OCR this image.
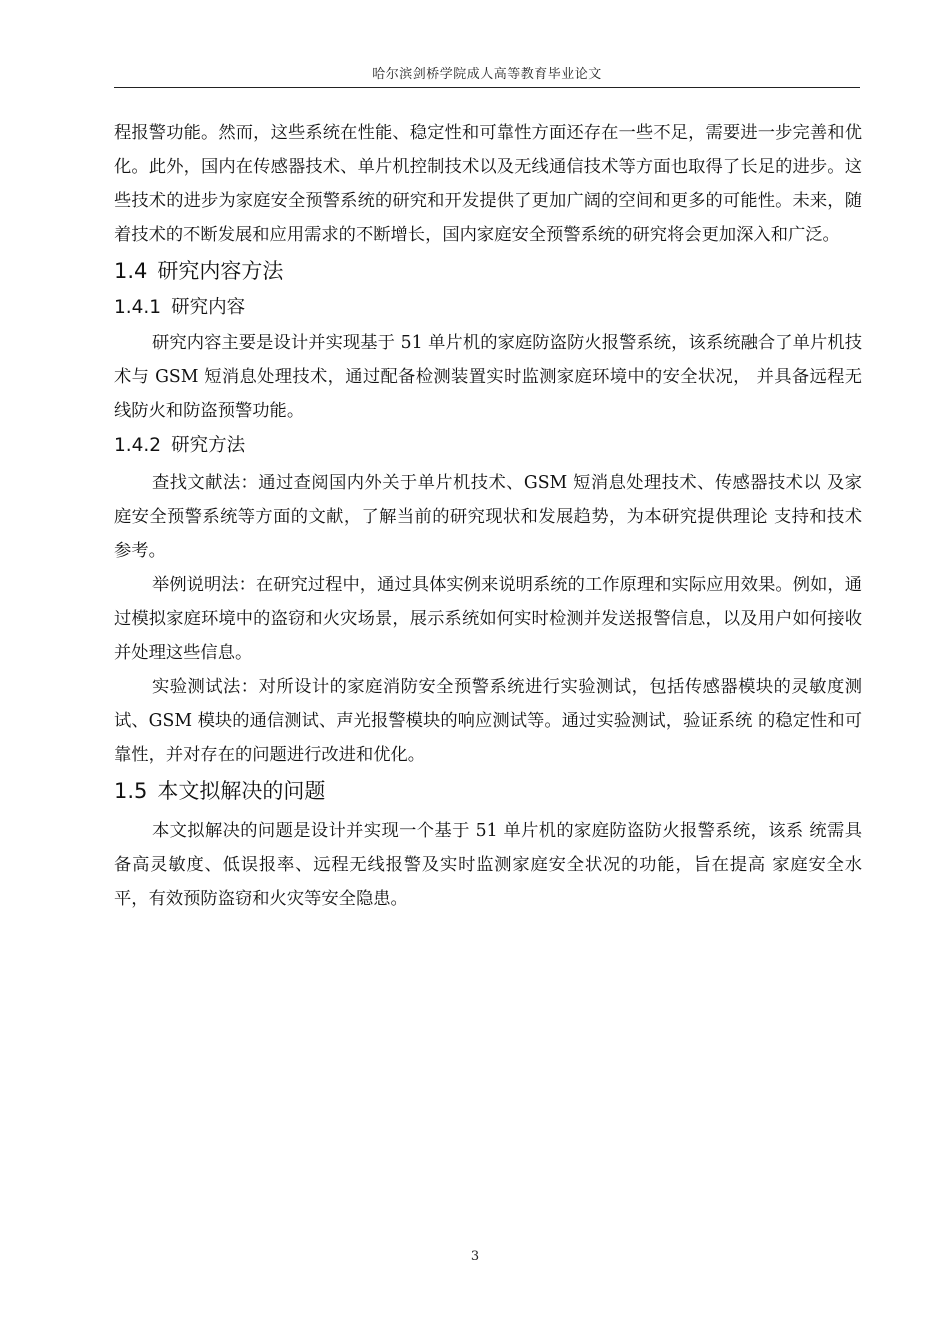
哈尔滨剑桥学院成人高等教育毕业论文

程报警功能。然而，这些系统在性能、稳定性和可靠性方面还存在一些不足，需要进一步完善和优化。此外，国内在传感器技术、单片机控制技术以及无线通信技术等方面也取得了长足的进步。这些技术的进步为家庭安全预警系统的研究和开发提供了更加广阔的空间和更多的可能性。未来，随着技术的不断发展和应用需求的不断增长，国内家庭安全预警系统的研究将会更加深入和广泛。

1.4 研究内容方法
1.4.1 研究内容

研究内容主要是设计并实现基于 51 单片机的家庭防盗防火报警系统，该系统融合了单片机技术与 GSM 短消息处理技术，通过配备检测装置实时监测家庭环境中的安全状况， 并具备远程无线防火和防盗预警功能。

1.4.2 研究方法

查找文献法：通过查阅国内外关于单片机技术、GSM 短消息处理技术、传感器技术以 及家庭安全预警系统等方面的文献，了解当前的研究现状和发展趋势，为本研究提供理论 支持和技术参考。

举例说明法：在研究过程中，通过具体实例来说明系统的工作原理和实际应用效果。例如，通过模拟家庭环境中的盗窃和火灾场景，展示系统如何实时检测并发送报警信息，以及用户如何接收并处理这些信息。

实验测试法：对所设计的家庭消防安全预警系统进行实验测试，包括传感器模块的灵敏度测试、GSM 模块的通信测试、声光报警模块的响应测试等。通过实验测试，验证系统 的稳定性和可靠性，并对存在的问题进行改进和优化。

1.5 本文拟解决的问题

本文拟解决的问题是设计并实现一个基于 51 单片机的家庭防盗防火报警系统，该系 统需具备高灵敏度、低误报率、远程无线报警及实时监测家庭安全状况的功能，旨在提高 家庭安全水平，有效预防盗窃和火灾等安全隐患。

3
